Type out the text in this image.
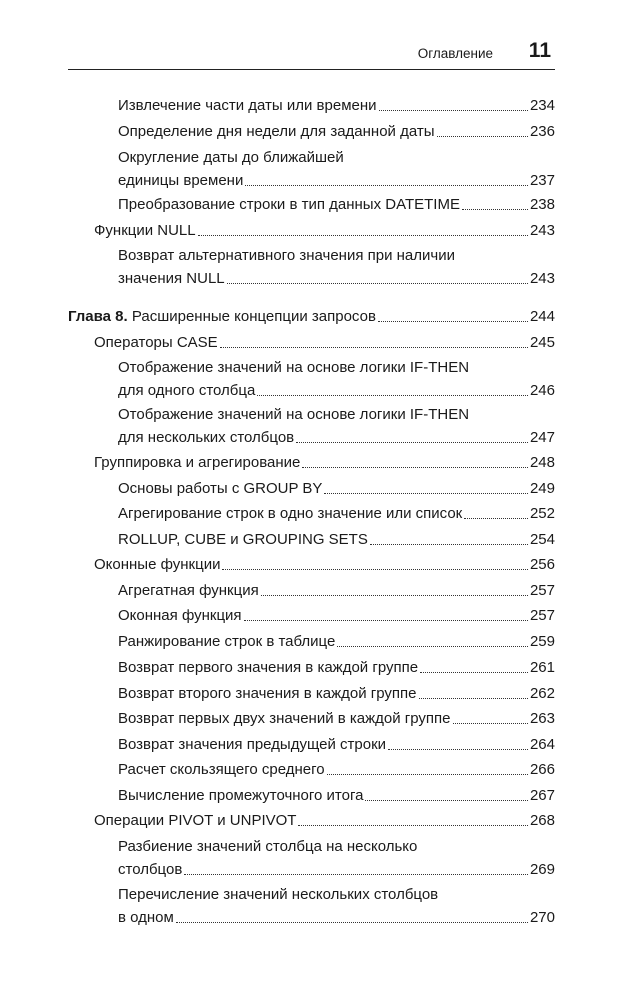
Оглавление 11
Извлечение части даты или времени	234
Определение дня недели для заданной даты	236
Округление даты до ближайшей
единицы времени	237
Преобразование строки в тип данных DATETIME	238
Функции NULL	243
Возврат альтернативного значения при наличии
значения NULL	243
Глава 8. Расширенные концепции запросов	244
Операторы CASE	245
Отображение значений на основе логики IF-THEN
для одного столбца	246
Отображение значений на основе логики IF-THEN
для нескольких столбцов	247
Группировка и агрегирование	248
Основы работы с GROUP BY	249
Агрегирование строк в одно значение или список	252
ROLLUP, CUBE и GROUPING SETS	254
Оконные функции	256
Агрегатная функция	257
Оконная функция	257
Ранжирование строк в таблице	259
Возврат первого значения в каждой группе	261
Возврат второго значения в каждой группе	262
Возврат первых двух значений в каждой группе	263
Возврат значения предыдущей строки	264
Расчет скользящего среднего	266
Вычисление промежуточного итога	267
Операции PIVOT и UNPIVOT	268
Разбиение значений столбца на несколько
столбцов	269
Перечисление значений нескольких столбцов
в одном	270
